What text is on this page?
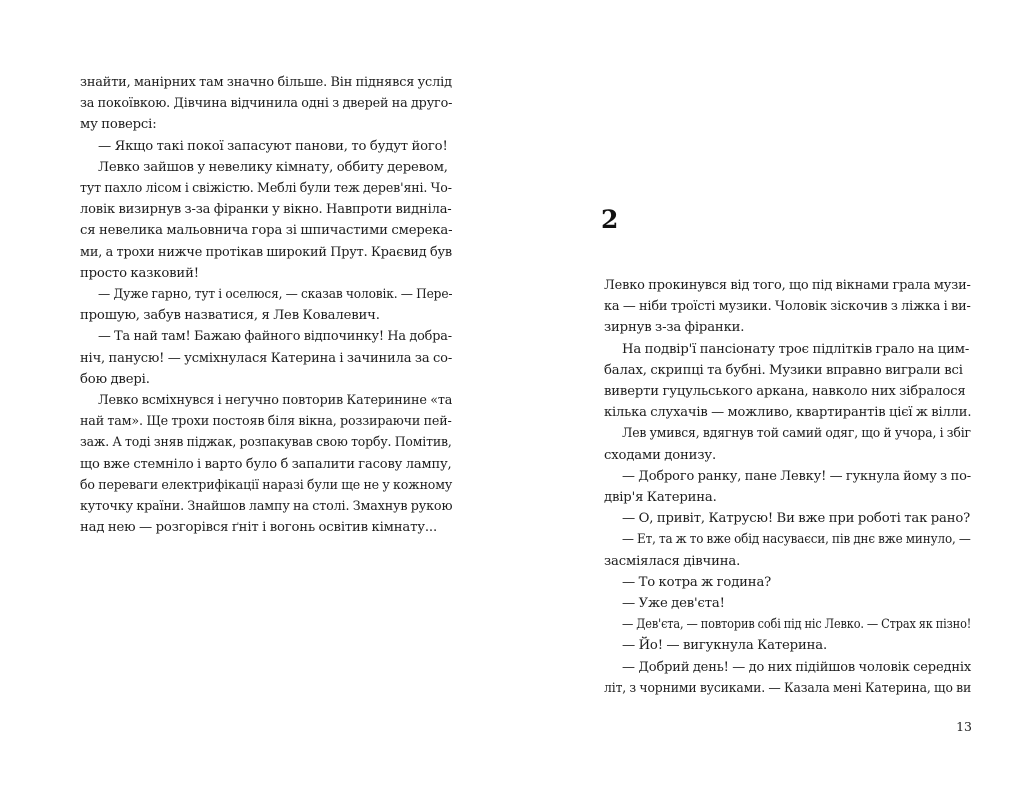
знайти, манірних там значно більше. Він піднявся услід
за покоївкою. Дівчина відчинила одні з дверей на друго-
му поверсі:
— Якщо такі покої запасуют панови, то будут його!
Левко зайшов у невелику кімнату, оббиту деревом,
тут пахло лісом і свіжістю. Меблі були теж дерев'яні. Чо-
ловік визирнув з-за фіранки у вікно. Навпроти видніла-
ся невелика мальовнича гора зі шпичастими смерека-
ми, а трохи нижче протікав широкий Прут. Краєвид був
просто казковий!
— Дуже гарно, тут і оселюся, — сказав чоловік. — Пере-
прошую, забув назватися, я Лев Ковалевич.
— Та най там! Бажаю файного відпочинку! На добра-
ніч, панусю! — усміхнулася Катерина і зачинила за со-
бою двері.
Левко всміхнувся і негучно повторив Катеринине «та
най там». Ще трохи постояв біля вікна, роззираючи пей-
заж. А тоді зняв піджак, розпакував свою торбу. Помітив,
що вже стемніло і варто було б запалити гасову лампу,
бо переваги електрифікації наразі були ще не у кожному
куточку країни. Знайшов лампу на столі. Змахнув рукою
над нею — розгорівся ґніт і вогонь освітив кімнату...
2
Левко прокинувся від того, що під вікнами грала музи-
ка — ніби троїсті музики. Чоловік зіскочив з ліжка і ви-
зирнув з-за фіранки.
На подвір'ї пансіонату троє підлітків грало на цим-
балах, скрипці та бубні. Музики вправно виграли всі
виверти гуцульського аркана, навколо них зібралося
кілька слухачів — можливо, квартирантів цієї ж вілли.
Лев умився, вдягнув той самий одяг, що й учора, і збіг
сходами донизу.
— Доброго ранку, пане Левку! — гукнула йому з по-
двір'я Катерина.
— О, привіт, Катрусю! Ви вже при роботі так рано?
— Ет, та ж то вже обід насуваєси, пів днє вже минуло, —
засміялася дівчина.
— То котра ж година?
— Уже дев'єта!
— Дев'єта, — повторив собі під ніс Левко. — Страх як пізно!
— Йо! — вигукнула Катерина.
— Добрий день! — до них підійшов чоловік середніх
літ, з чорними вусиками. — Казала мені Катерина, що ви
13
